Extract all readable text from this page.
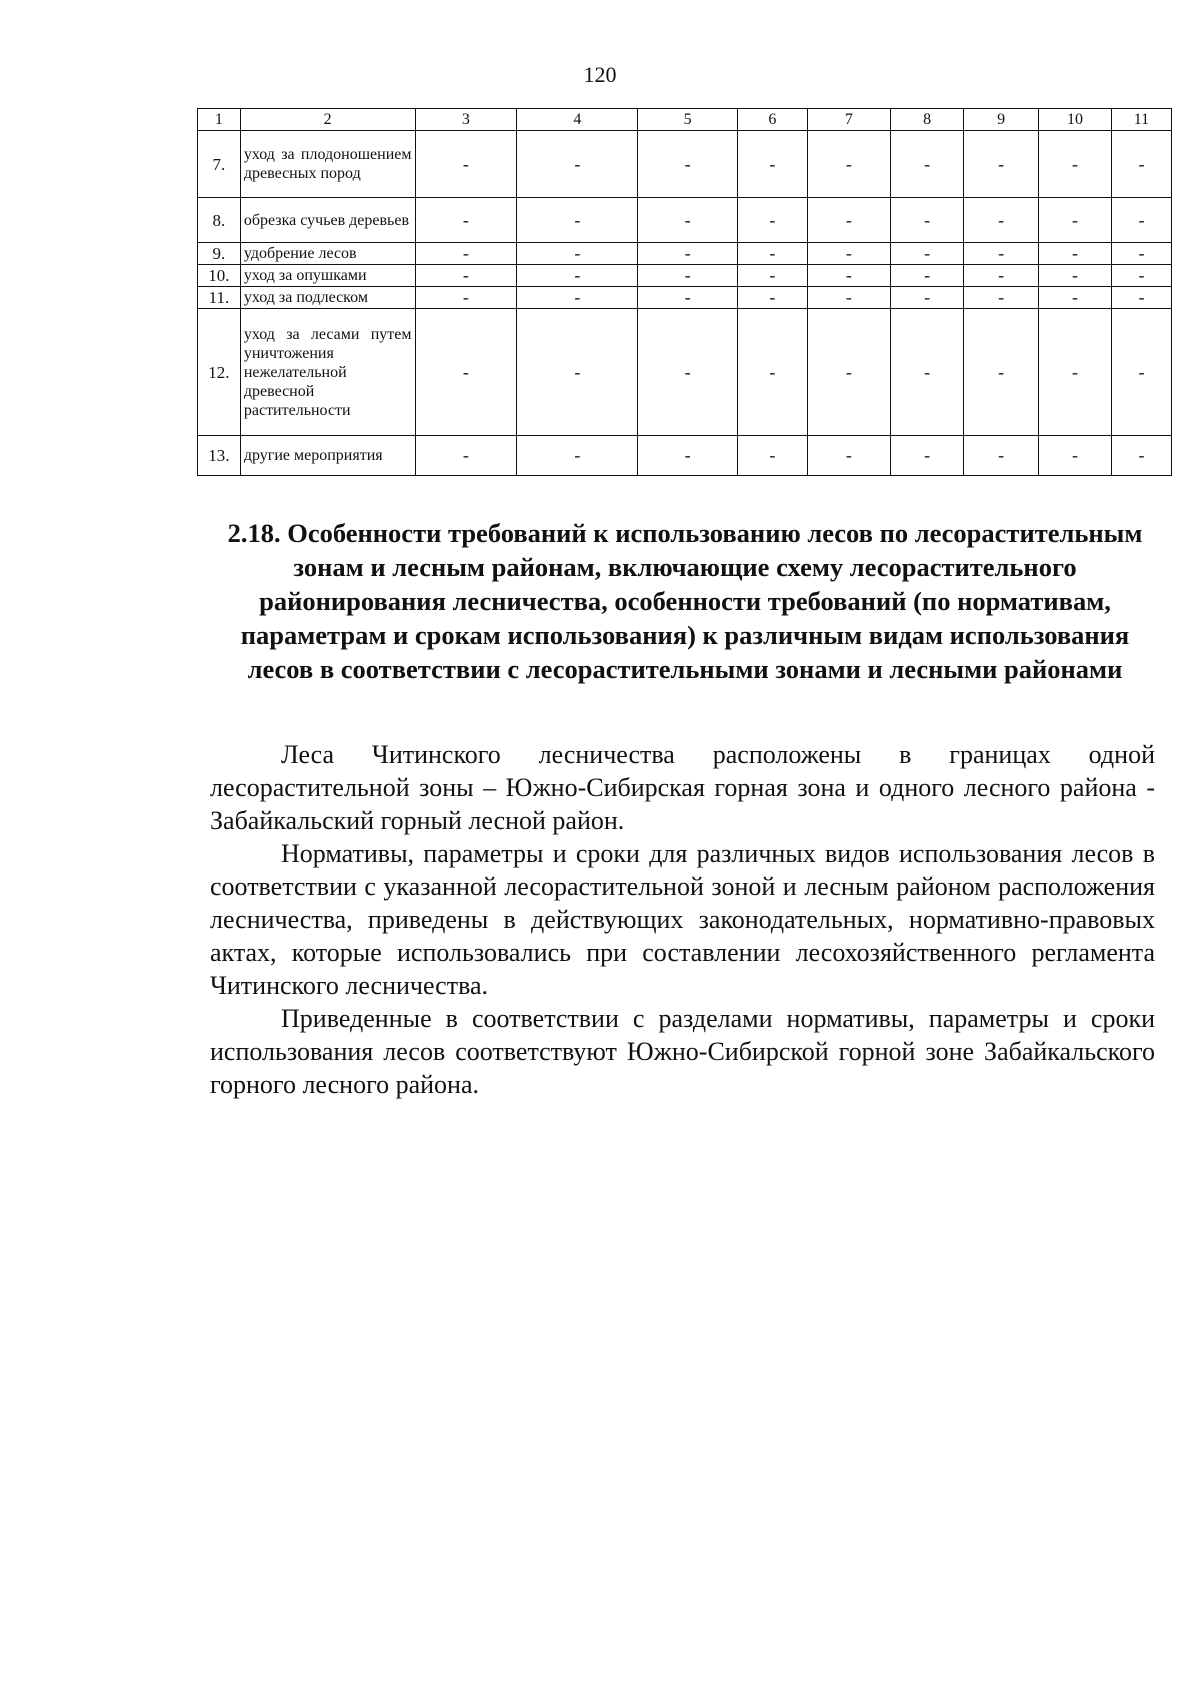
120
1	2	3	4	5	6	7	8	9	10	11
7.	уход за плодоношением древесных пород	-	-	-	-	-	-	-	-	-
8.	обрезка сучьев деревьев	-	-	-	-	-	-	-	-	-
9.	удобрение лесов	-	-	-	-	-	-	-	-	-
10.	уход за опушками	-	-	-	-	-	-	-	-	-
11.	уход за подлеском	-	-	-	-	-	-	-	-	-
12.	уход за лесами путем уничтожения нежелательной древесной растительности	-	-	-	-	-	-	-	-	-
13.	другие мероприятия	-	-	-	-	-	-	-	-	-
2.18. Особенности требований к использованию лесов по лесорастительным зонам и лесным районам, включающие схему лесорастительного районирования лесничества, особенности требований (по нормативам, параметрам и срокам использования) к различным видам использования лесов в соответствии с лесорастительными зонами и лесными районами

Леса Читинского лесничества расположены в границах одной лесорастительной зоны – Южно-Сибирская горная зона и одного лесного района - Забайкальский горный лесной район.

Нормативы, параметры и сроки для различных видов использования лесов в соответствии с указанной лесорастительной зоной и лесным районом расположения лесничества, приведены в действующих законодательных, нормативно-правовых актах, которые использовались при составлении лесохозяйственного регламента Читинского лесничества.

Приведенные в соответствии с разделами нормативы, параметры и сроки использования лесов соответствуют Южно-Сибирской горной зоне Забайкальского горного лесного района.
